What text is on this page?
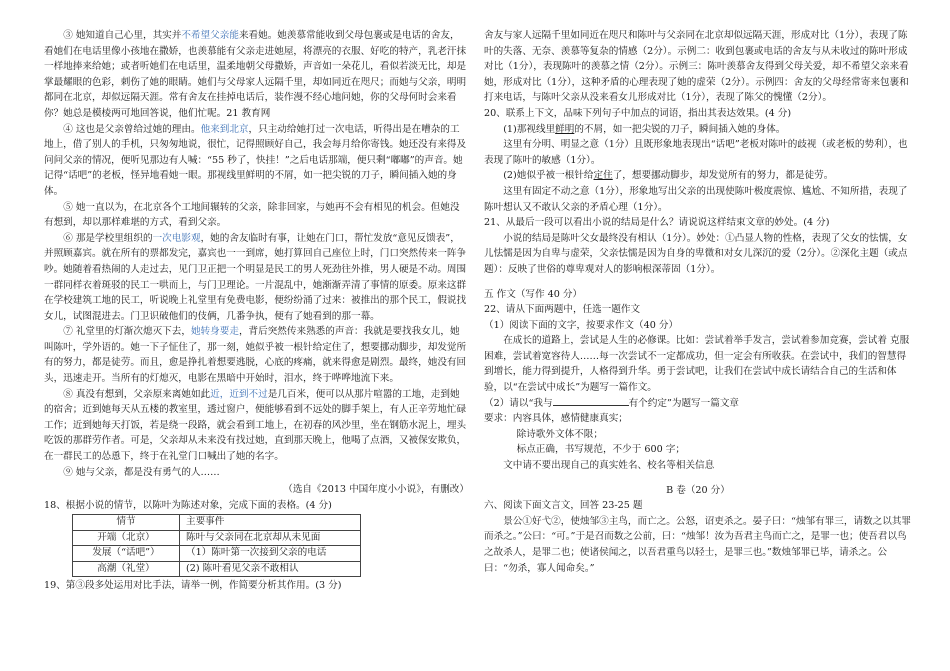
③ 她知道自己心里，其实并不希望父亲能来看她。她羡慕常能收到父母包裹或是电话的舍友，看她们在电话里像小孩地在撒娇，也羡慕能有父亲走进她屋，将漂亮的衣服、好吃的特产，乳老汗抹一样地捧来给她；或者听她们在电话里，温柔地朝父母撒娇，声音如一朵花儿，看似若淡无比，却是掌最耀眼的色彩，刺伤了她的眼睛。她们与父母家人远隔千里，却如同近在咫尺；而她与父亲，明明都同在北京，却似远隔天涯。常有舍友在挂掉电话后，装作漫不经心地问她，你的父母何时会来看你？她总是模棱两可地回答说，他们忙呢。21 教育网

④ 这也是父亲曾给过她的理由。他来到北京，只主动给她打过一次电话，听得出是在嘈杂的工地上，借了别人的手机，只匆匆地说，很忙，记得照顾好自己，我会每月给你寄钱。她还没有来得及问问父亲的情况，便听见那边有人喊：“55 秒了，快挂！”之后电话那端，便只剩“嘟嘟”的声音。她记得“话吧”的老板，怪异地看她一眼。那视线里鲜明的不屑，如一把尖锐的刀子，瞬间插入她的身体。

⑤ 她一直以为，在北京各个工地间辗转的父亲，除非回家，与她再不会有相见的机会。但她没有想到，却以那样难堪的方式，看到父亲。

⑥ 那是学校里组织的一次电影观，她的舍友临时有事，让她在门口，帮忙发放“意见反馈表”，并照顾嘉宾。就在所有的票都发完，嘉宾也一一到席，她打算回自己座位上时，门口突然传来一阵争吵。她随着看热闹的人走过去，见门卫正把一个明显是民工的男人死劲往外推，男人硬是不动。周围一群同样衣着斑驳的民工一哄而上，与门卫理论。一片混乱中，她渐渐弄清了事情的原委。原来这群在学校建筑工地的民工，听说晚上礼堂里有免费电影，便纷纷涌了过来：被推出的那个民工，假说找女儿，试图混进去。门卫识破他们的伎俩，几番争执，便有了她看到的那一幕。

⑦ 礼堂里的灯渐次熄灭下去，她转身要走，背后突然传来熟悉的声音：我就是要找我女儿，她叫陈叶，学外语的。她一下子怔住了，那一刻，她似乎被一根针给定住了，想要挪动脚步，却发觉所有的努力，都是徒劳。而且，愈是挣扎着想要逃脱，心底的疼痛，就来得愈是剧烈。最终，她没有回头，迅速走开。当所有的灯熄灭，电影在黑暗中开始时，泪水，终于哗哗地流下来。

⑧ 真没有想到，父亲原来离她如此近，近到不过是几百米，便可以从那片喧嚣的工地，走到她的宿舍；近到她每天从五楼的教室里，透过窗户，便能够看到不远处的脚手架上，有人正辛劳地忙碌工作；近到她每天打饭，若是绕一段路，就会看到工地上，在初春的风沙里，坐在钢筋水泥上，埋头吃饭的那群劳作者。可是，父亲却从未来没有找过她，直到那天晚上，他喝了点酒，又被保安欺负，在一群民工的怂恿下，终于在礼堂门口喊出了她的名字。

⑨ 她与父亲，都是没有勇气的人……

（选自《2013 中国年度小小说》，有删改）

18、根据小说的情节，以陈叶为陈述对象，完成下面的表格。(4 分)

情节	主要事件
开端（北京）	陈叶与父亲同在北京却从未见面
发展（“话吧”）	（1）陈叶第一次接到父亲的电话
高潮（礼堂）	(2) 陈叶看见父亲不敢相认

19、第③段多处运用对比手法，请举一例，作简要分析其作用。(3 分)

舍友与家人远隔千里如同近在咫尺和陈叶与父亲同在北京却似远隔天涯，形成对比（1分），表现了陈叶的失落、无奈、羡慕等复杂的情感（2分）。示例二：收到包裹或电话的舍友与从未收过的陈叶形成对比（1分），表现陈叶的羡慕之情（2分）。示例三：陈叶羡慕舍友得到父母关爱，却不希望父亲来看她，形成对比（1分），这种矛盾的心理表现了她的虚荣（2分）。示例四：舍友的父母经常寄来包裹和打来电话，与陈叶父亲从没来看女儿形成对比（1分），表现了陈父的愧懂（2分）。

20、联系上下文，品味下列句子中加点的词语，指出其表达效果。(4 分)

(1)那视线里鲜明的不屑，如一把尖锐的刀子，瞬间插入她的身体。

这里有分明、明显之意（1分）且既形象地表现出“话吧”老板对陈叶的歧视（或老板的势利），也表现了陈叶的敏感（1分）。

(2)她似乎被一根针给定住了，想要挪动脚步，却发觉所有的努力，都是徒劳。

这里有固定不动之意（1分），形象地写出父亲的出现使陈叶极度震惊、尴尬、不知所措，表现了陈叶想认又不敢认父亲的矛盾心理（1分）。

21、从最后一段可以看出小说的结局是什么？请说说这样结束文章的妙处。(4 分)

小说的结局是陈叶父女最终没有相认（1分）。妙处：①凸显人物的性格，表现了父女的怯懦，女儿怯懦是因为自卑与虚荣，父亲怯懦是因为自身的卑微和对女儿深沉的爱（2分）。②深化主题（或点题）：反映了世俗的尊卑观对人的影响根深蒂固（1分）。

五 作文（写作 40 分）

22、请从下面两题中，任选一题作文

（1）阅读下面的文字，按要求作文（40 分）

在成长的道路上，尝试是人生的必修课。比如：尝试着举手发言，尝试着参加竞赛，尝试着 克服困难，尝试着宽容待人……每一次尝试不一定都成功，但一定会有所收获。在尝试中，我们的智慧得到增长，能力得到提升，人格得到升华。勇于尝试吧，让我们在尝试中成长请结合自己的生活和体验，以“在尝试中成长”为题写一篇作文。

（2）请以“我与	有个约定”为题写一篇文章

要求：内容具体，感情健康真实；

除诗歌外文体不限；

标点正确，书写规范，不少于 600 字；

文中请不要出现自己的真实姓名、校名等相关信息

B 卷（20 分）

六、阅读下面文言文，回答 23-25 题

景公①好弋②，使烛邹③主鸟，而亡之。公怒，诏吏杀之。晏子曰：“烛邹有罪三，请数之以其罪而杀之。”公曰：“可。”于是召而数之公前，曰：“烛邹！汝为吾君主鸟而亡之，是罪一也；使吾君以鸟之故杀人，是罪二也；使诸侯闻之，以吾君重鸟以轻士，是罪三也。”数烛邹罪已毕，请杀之。公曰：“勿杀，寡人闻命矣。”
